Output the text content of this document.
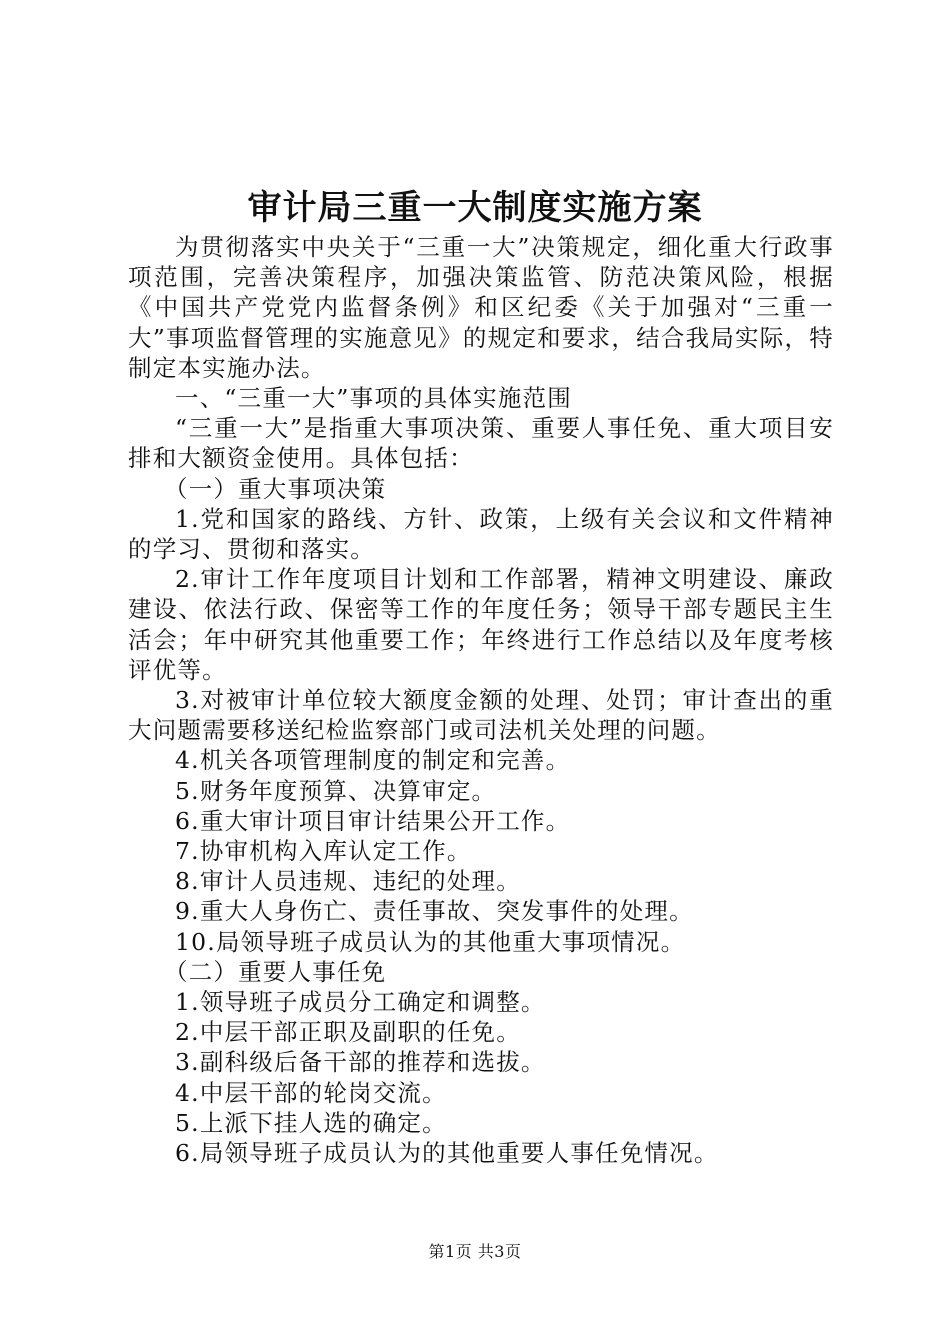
审计局三重一大制度实施方案

为贯彻落实中央关于“三重一大”决策规定，细化重大行政事项范围，完善决策程序，加强决策监管、防范决策风险，根据《中国共产党党内监督条例》和区纪委《关于加强对“三重一大”事项监督管理的实施意见》的规定和要求，结合我局实际，特制定本实施办法。

一、“三重一大”事项的具体实施范围

“三重一大”是指重大事项决策、重要人事任免、重大项目安排和大额资金使用。具体包括：

（一）重大事项决策

1.党和国家的路线、方针、政策，上级有关会议和文件精神的学习、贯彻和落实。

2.审计工作年度项目计划和工作部署，精神文明建设、廉政建设、依法行政、保密等工作的年度任务；领导干部专题民主生活会；年中研究其他重要工作；年终进行工作总结以及年度考核评优等。

3.对被审计单位较大额度金额的处理、处罚；审计查出的重大问题需要移送纪检监察部门或司法机关处理的问题。

4.机关各项管理制度的制定和完善。

5.财务年度预算、决算审定。

6.重大审计项目审计结果公开工作。

7.协审机构入库认定工作。

8.审计人员违规、违纪的处理。

9.重大人身伤亡、责任事故、突发事件的处理。

10.局领导班子成员认为的其他重大事项情况。

（二）重要人事任免

1.领导班子成员分工确定和调整。

2.中层干部正职及副职的任免。

3.副科级后备干部的推荐和选拔。

4.中层干部的轮岗交流。

5.上派下挂人选的确定。

6.局领导班子成员认为的其他重要人事任免情况。

第1页 共3页
